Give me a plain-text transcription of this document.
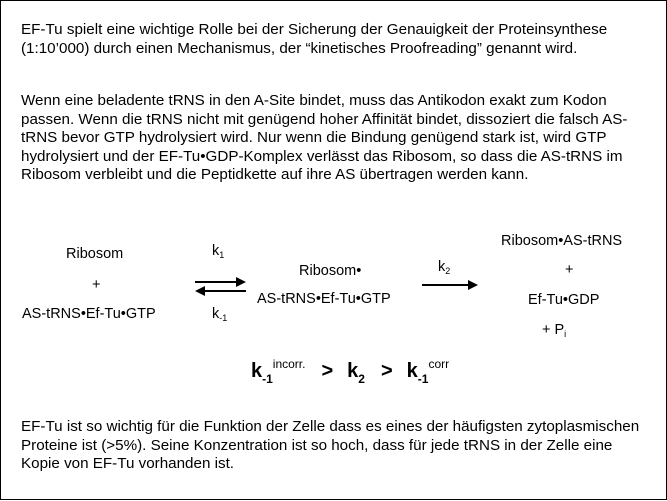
EF-Tu spielt eine wichtige Rolle bei der Sicherung der Genauigkeit der Proteinsynthese (1:10’000) durch einen Mechanismus, der “kinetisches Proofreading” genannt wird.

Wenn eine beladente tRNS in den A-Site bindet, muss das Antikodon exakt zum Kodon passen. Wenn die tRNS nicht mit genügend hoher Affinität bindet, dissoziert die falsch AS-tRNS bevor GTP hydrolysiert wird. Nur wenn die Bindung genügend stark ist, wird GTP hydrolysiert und der EF-Tu•GDP-Komplex verlässt das Ribosom, so dass die AS-tRNS im Ribosom verbleibt und die Peptidkette auf ihre AS übertragen werden kann.

Ribosom
+
AS-tRNS•Ef-Tu•GTP
$k_1$
$k_{-1}$
Ribosom•
AS-tRNS•Ef-Tu•GTP
$k_2$
Ribosom•AS-tRNS
+
Ef-Tu•GDP
+ $P_i$
$k_{-1}^{incorr.} > k_2 > k_{-1}^{corr}$

EF-Tu ist so wichtig für die Funktion der Zelle dass es eines der häufigsten zytoplasmischen Proteine ist (>5%). Seine Konzentration ist so hoch, dass für jede tRNS in der Zelle eine Kopie von EF-Tu vorhanden ist.
